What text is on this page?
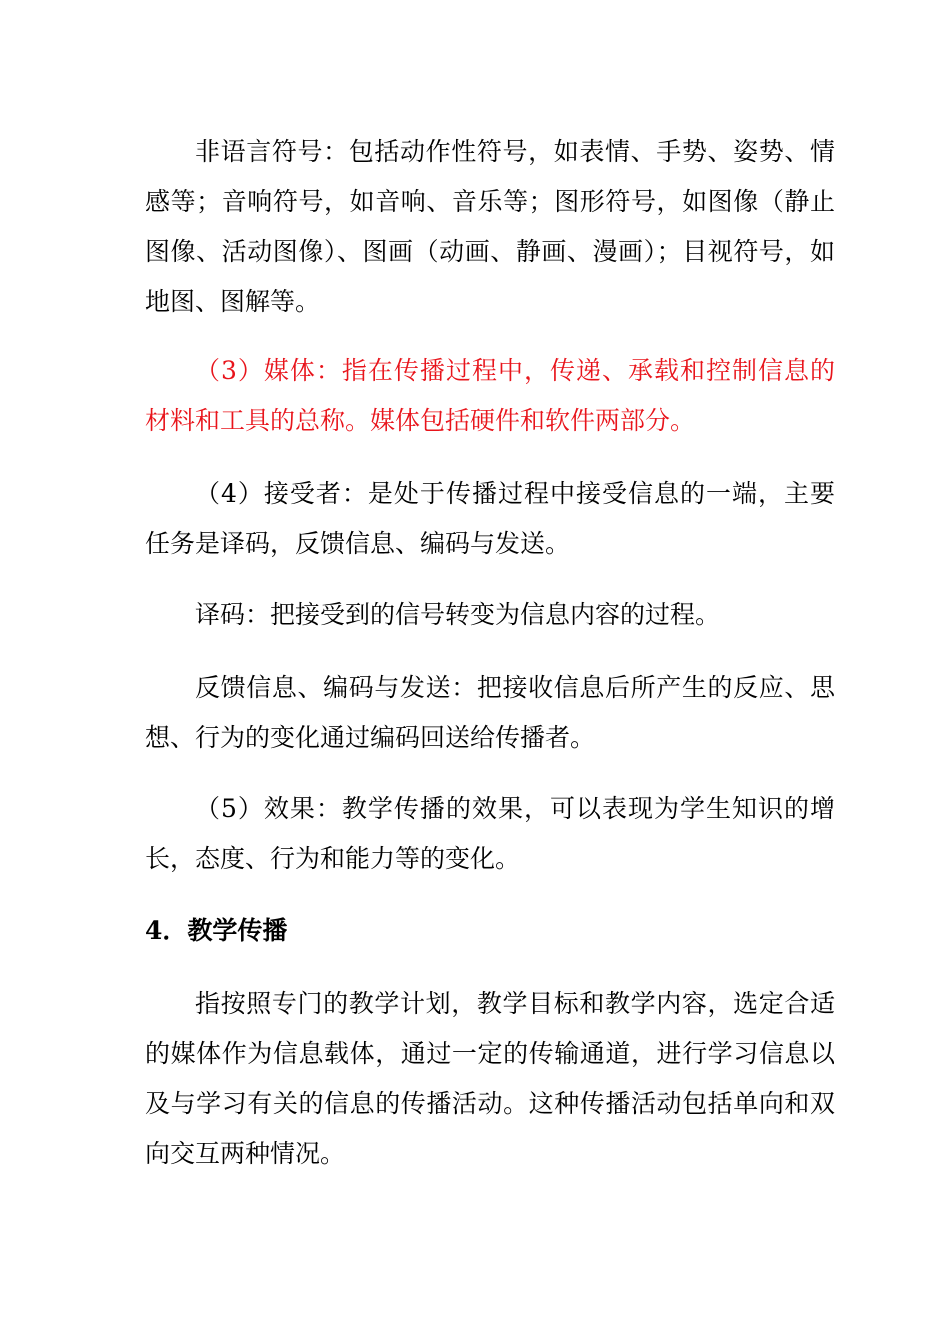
非语言符号：包括动作性符号，如表情、手势、姿势、情感等；音响符号，如音响、音乐等；图形符号，如图像（静止图像、活动图像）、图画（动画、静画、漫画）；目视符号，如地图、图解等。

（3）媒体：指在传播过程中，传递、承载和控制信息的材料和工具的总称。媒体包括硬件和软件两部分。

（4）接受者：是处于传播过程中接受信息的一端，主要任务是译码，反馈信息、编码与发送。

译码：把接受到的信号转变为信息内容的过程。

反馈信息、编码与发送：把接收信息后所产生的反应、思想、行为的变化通过编码回送给传播者。

（5）效果：教学传播的效果，可以表现为学生知识的增长，态度、行为和能力等的变化。

4．教学传播

指按照专门的教学计划，教学目标和教学内容，选定合适的媒体作为信息载体，通过一定的传输通道，进行学习信息以及与学习有关的信息的传播活动。这种传播活动包括单向和双向交互两种情况。
